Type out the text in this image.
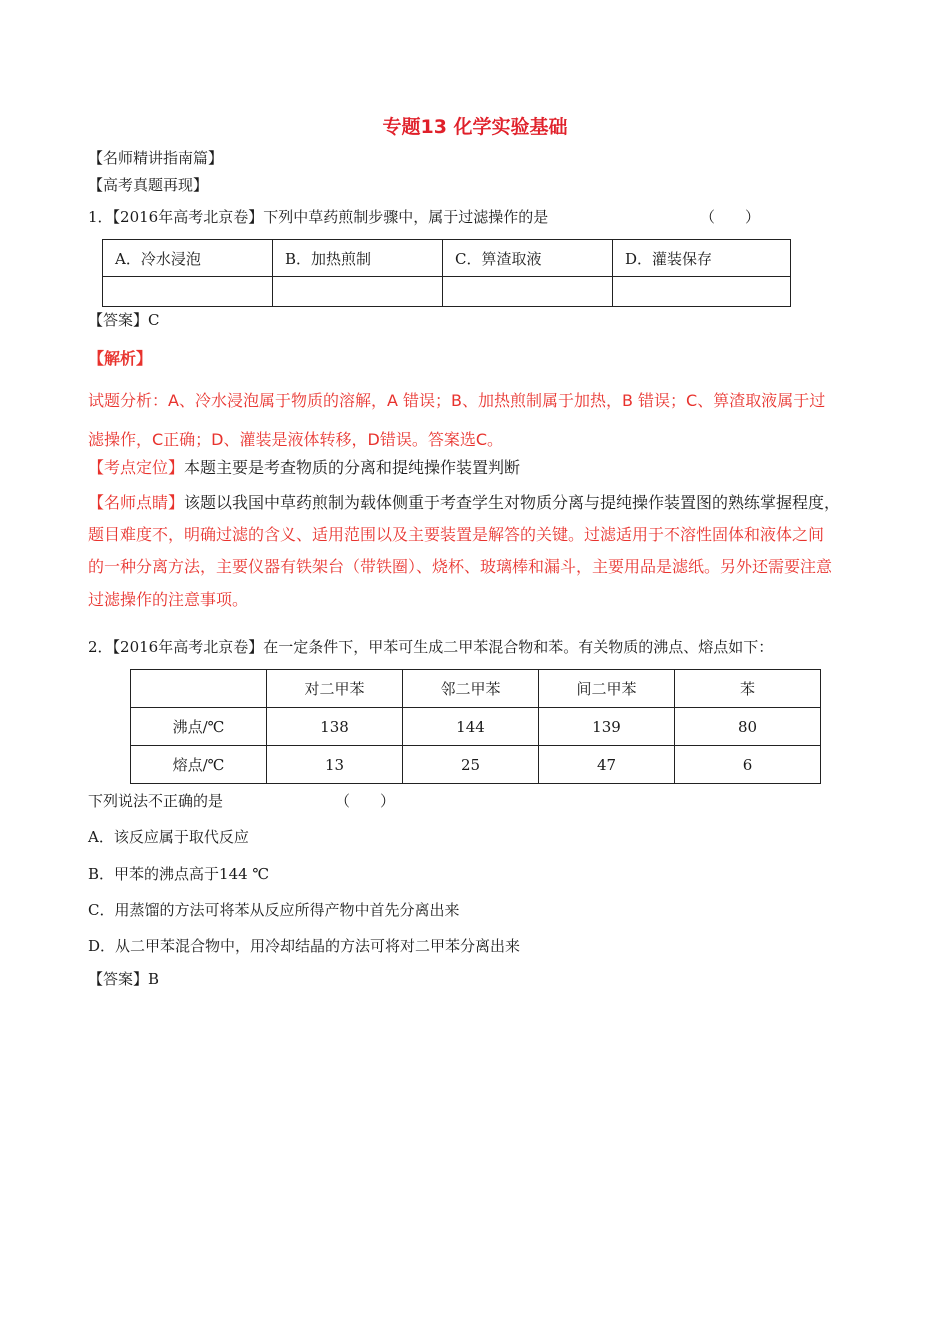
专题13 化学实验基础
【名师精讲指南篇】
【高考真题再现】
1．【2016年高考北京卷】下列中草药煎制步骤中，属于过滤操作的是	（　　）
A．冷水浸泡	B．加热煎制	C．箅渣取液	D．灌装保存

【答案】C
【解析】
试题分析：A、冷水浸泡属于物质的溶解，A 错误；B、加热煎制属于加热，B 错误；C、箅渣取液属于过
滤操作，C正确；D、灌装是液体转移，D错误。答案选C。
【考点定位】本题主要是考查物质的分离和提纯操作装置判断
【名师点睛】该题以我国中草药煎制为载体侧重于考查学生对物质分离与提纯操作装置图的熟练掌握程度，
题目难度不，明确过滤的含义、适用范围以及主要装置是解答的关键。过滤适用于不溶性固体和液体之间
的一种分离方法，主要仪器有铁架台（带铁圈）、烧杯、玻璃棒和漏斗，主要用品是滤纸。另外还需要注意
过滤操作的注意事项。
2．【2016年高考北京卷】在一定条件下，甲苯可生成二甲苯混合物和苯。有关物质的沸点、熔点如下：
	对二甲苯	邻二甲苯	间二甲苯	苯
沸点/℃	138	144	139	80
熔点/℃	13	25	47	6
下列说法不正确的是	（　　）
A．该反应属于取代反应
B．甲苯的沸点高于144 ℃
C．用蒸馏的方法可将苯从反应所得产物中首先分离出来
D．从二甲苯混合物中，用冷却结晶的方法可将对二甲苯分离出来
【答案】B
